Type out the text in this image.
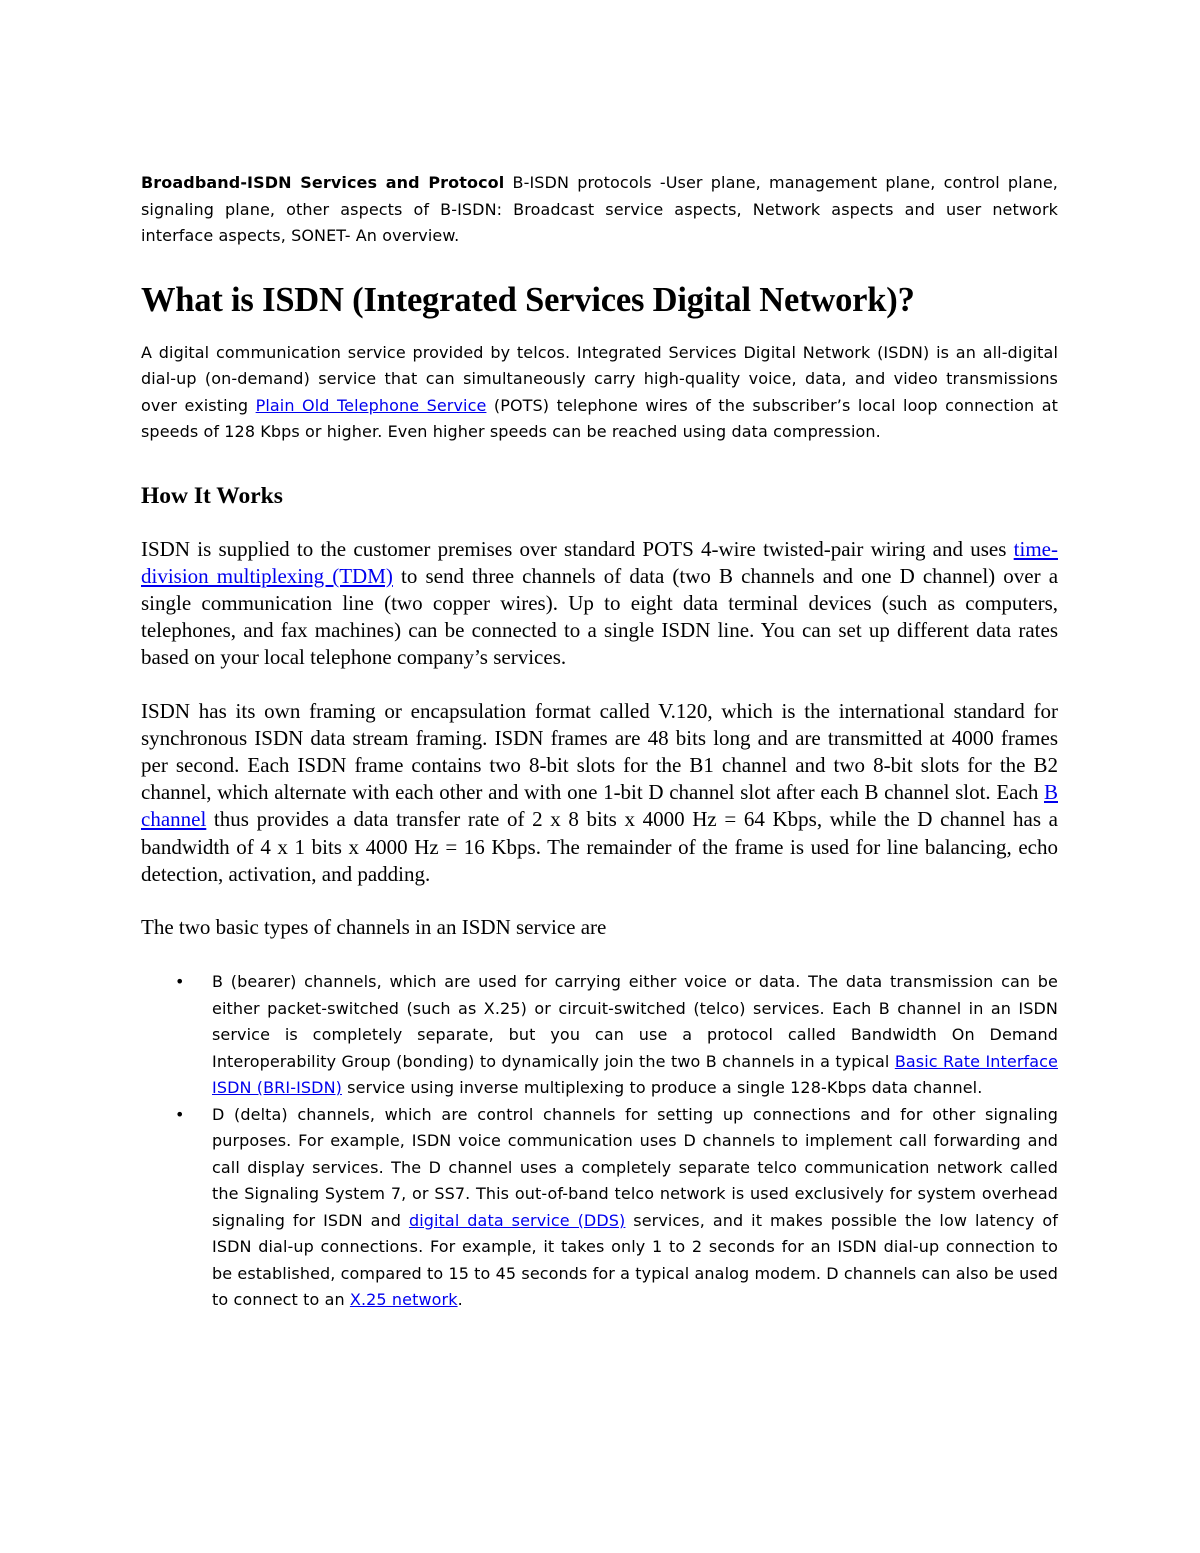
Broadband-ISDN Services and Protocol B-ISDN protocols -User plane, management plane, control plane, signaling plane, other aspects of B-ISDN: Broadcast service aspects, Network aspects and user network interface aspects, SONET- An overview.

What is ISDN (Integrated Services Digital Network)?

A digital communication service provided by telcos. Integrated Services Digital Network (ISDN) is an all-digital dial-up (on-demand) service that can simultaneously carry high-quality voice, data, and video transmissions over existing Plain Old Telephone Service (POTS) telephone wires of the subscriber’s local loop connection at speeds of 128 Kbps or higher. Even higher speeds can be reached using data compression.

How It Works

ISDN is supplied to the customer premises over standard POTS 4-wire twisted-pair wiring and uses time-division multiplexing (TDM) to send three channels of data (two B channels and one D channel) over a single communication line (two copper wires). Up to eight data terminal devices (such as computers, telephones, and fax machines) can be connected to a single ISDN line. You can set up different data rates based on your local telephone company’s services.

ISDN has its own framing or encapsulation format called V.120, which is the international standard for synchronous ISDN data stream framing. ISDN frames are 48 bits long and are transmitted at 4000 frames per second. Each ISDN frame contains two 8-bit slots for the B1 channel and two 8-bit slots for the B2 channel, which alternate with each other and with one 1-bit D channel slot after each B channel slot. Each B channel thus provides a data transfer rate of 2 x 8 bits x 4000 Hz = 64 Kbps, while the D channel has a bandwidth of 4 x 1 bits x 4000 Hz = 16 Kbps. The remainder of the frame is used for line balancing, echo detection, activation, and padding.

The two basic types of channels in an ISDN service are

• B (bearer) channels, which are used for carrying either voice or data. The data transmission can be either packet-switched (such as X.25) or circuit-switched (telco) services. Each B channel in an ISDN service is completely separate, but you can use a protocol called Bandwidth On Demand Interoperability Group (bonding) to dynamically join the two B channels in a typical Basic Rate Interface ISDN (BRI-ISDN) service using inverse multiplexing to produce a single 128-Kbps data channel.
• D (delta) channels, which are control channels for setting up connections and for other signaling purposes. For example, ISDN voice communication uses D channels to implement call forwarding and call display services. The D channel uses a completely separate telco communication network called the Signaling System 7, or SS7. This out-of-band telco network is used exclusively for system overhead signaling for ISDN and digital data service (DDS) services, and it makes possible the low latency of ISDN dial-up connections. For example, it takes only 1 to 2 seconds for an ISDN dial-up connection to be established, compared to 15 to 45 seconds for a typical analog modem. D channels can also be used to connect to an X.25 network.
